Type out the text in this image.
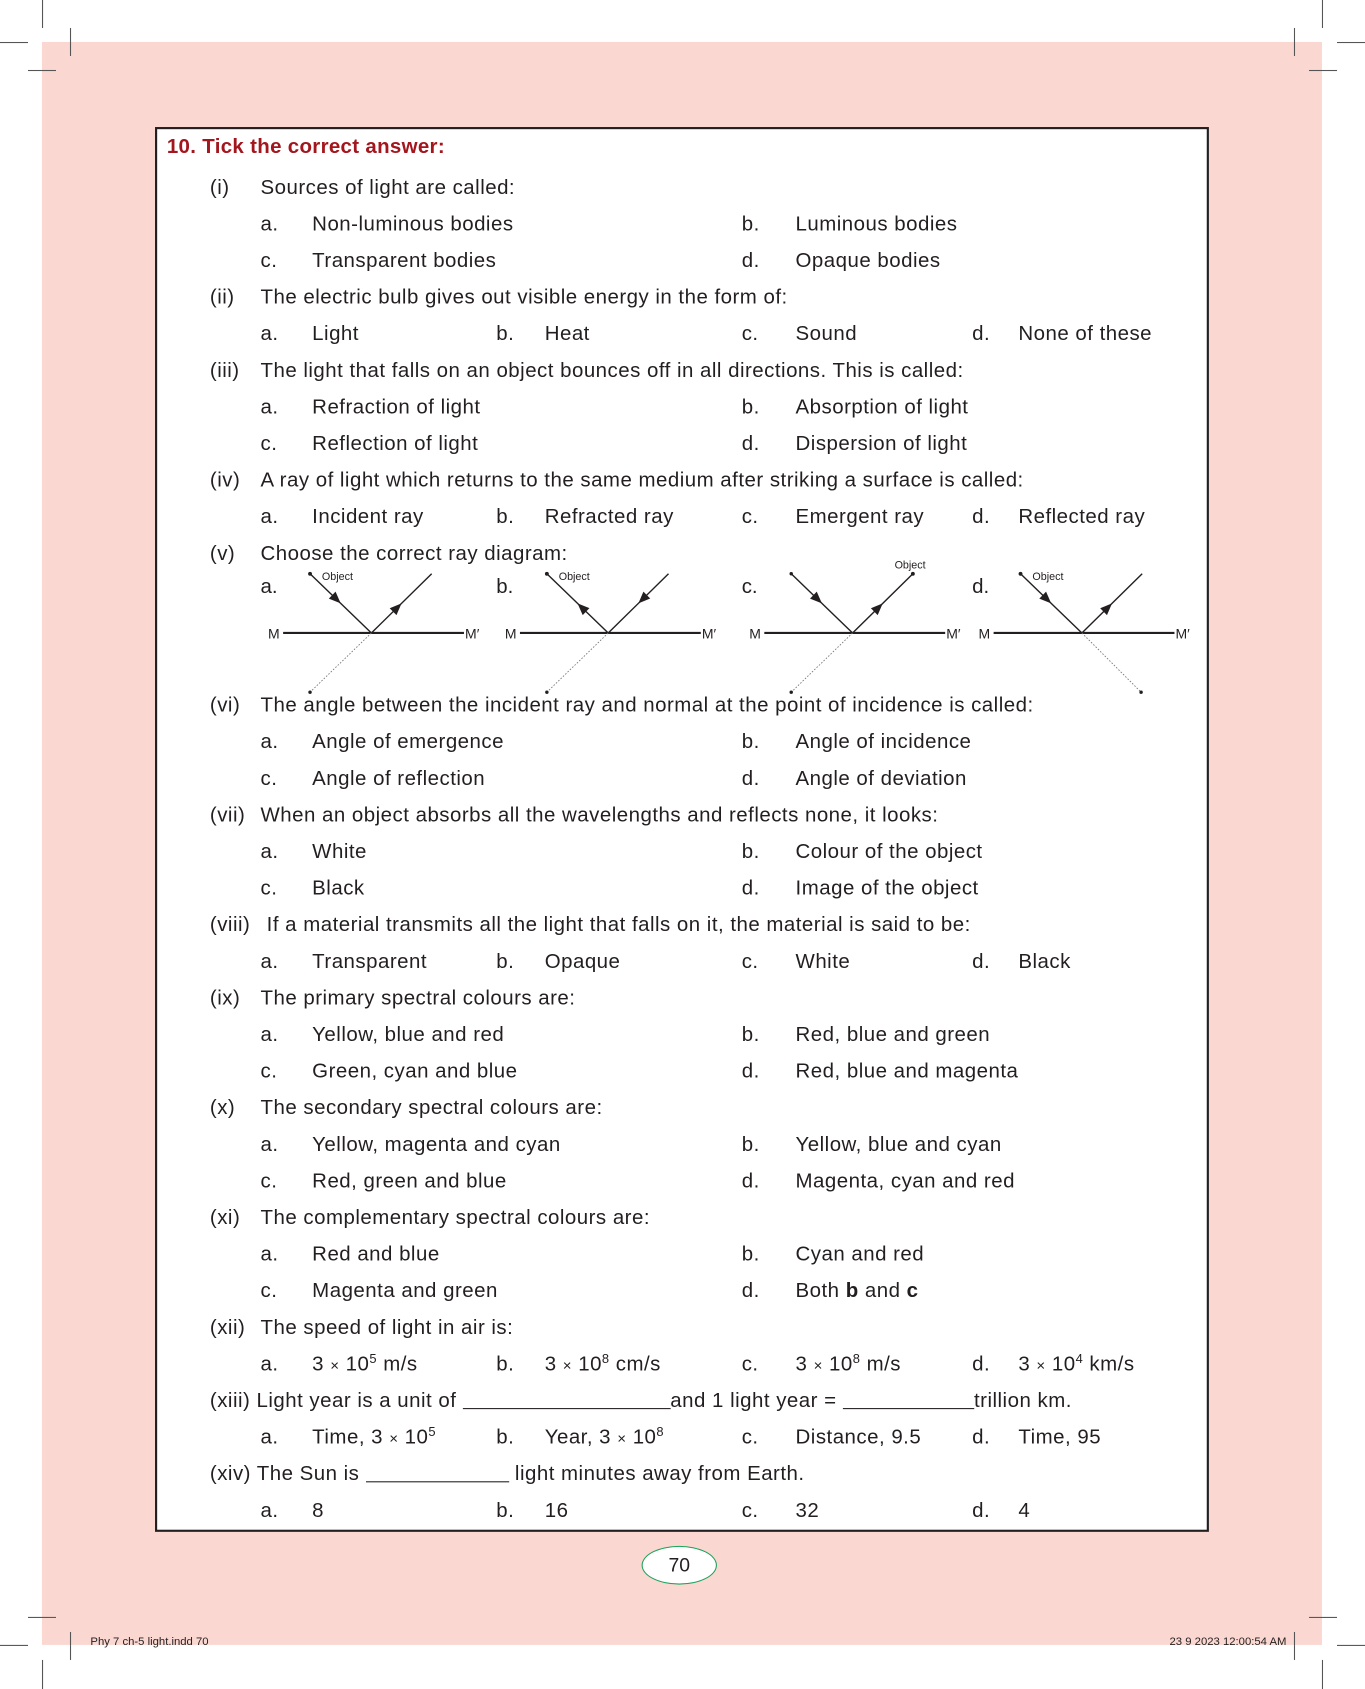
10. Tick the correct answer:
(i) Sources of light are called:
a. Non-luminous bodies	b. Luminous bodies
c. Transparent bodies	d. Opaque bodies
(ii) The electric bulb gives out visible energy in the form of:
a. Light	b. Heat	c. Sound	d. None of these
(iii) The light that falls on an object bounces off in all directions. This is called:
a. Refraction of light	b. Absorption of light
c. Reflection of light	d. Dispersion of light
(iv) A ray of light which returns to the same medium after striking a surface is called:
a. Incident ray	b. Refracted ray	c. Emergent ray	d. Reflected ray
(v) Choose the correct ray diagram:
a.
M	M′
Object	b.
M	M′
Object	c.
M	M′
Object
d.
M	M′
Object
(vi) The angle between the incident ray and normal at the point of incidence is called:
a. Angle of emergence	b. Angle of incidence
c. Angle of reflection	d. Angle of deviation
(vii) When an object absorbs all the wavelengths and reflects none, it looks:
a. White	b. Colour of the object
c. Black	d. Image of the object
(viii) If a material transmits all the light that falls on it, the material is said to be:
a. Transparent	b. Opaque	c. White	d. Black
(ix) The primary spectral colours are:
a. Yellow, blue and red	b. Red, blue and green
c. Green, cyan and blue	d. Red, blue and magenta
(x) The secondary spectral colours are:
a. Yellow, magenta and cyan	b. Yellow, blue and cyan
c. Red, green and blue	d. Magenta, cyan and red
(xi) The complementary spectral colours are:
a. Red and blue	b. Cyan and red
c. Magenta and green	d. Both b and c
(xii) The speed of light in air is:
a. $3 \times 10^5$ m/s	b. $3 \times 10^8$ cm/s	c. $3 \times 10^8$ m/s	d. $3 \times 10^4$ km/s
(xiii) Light year is a unit of	and 1 light year =	trillion km.
a. Time, $3 \times 10^5$	b. Year, $3 \times 10^8$	c. Distance, 9.5	d. Time, 95
(xiv) The Sun is	light minutes away from Earth.
a. 8	b. 16	c. 32	d. 4
70
Phy 7 ch-5 light.indd 70	23 9 2023 12:00:54 AM
